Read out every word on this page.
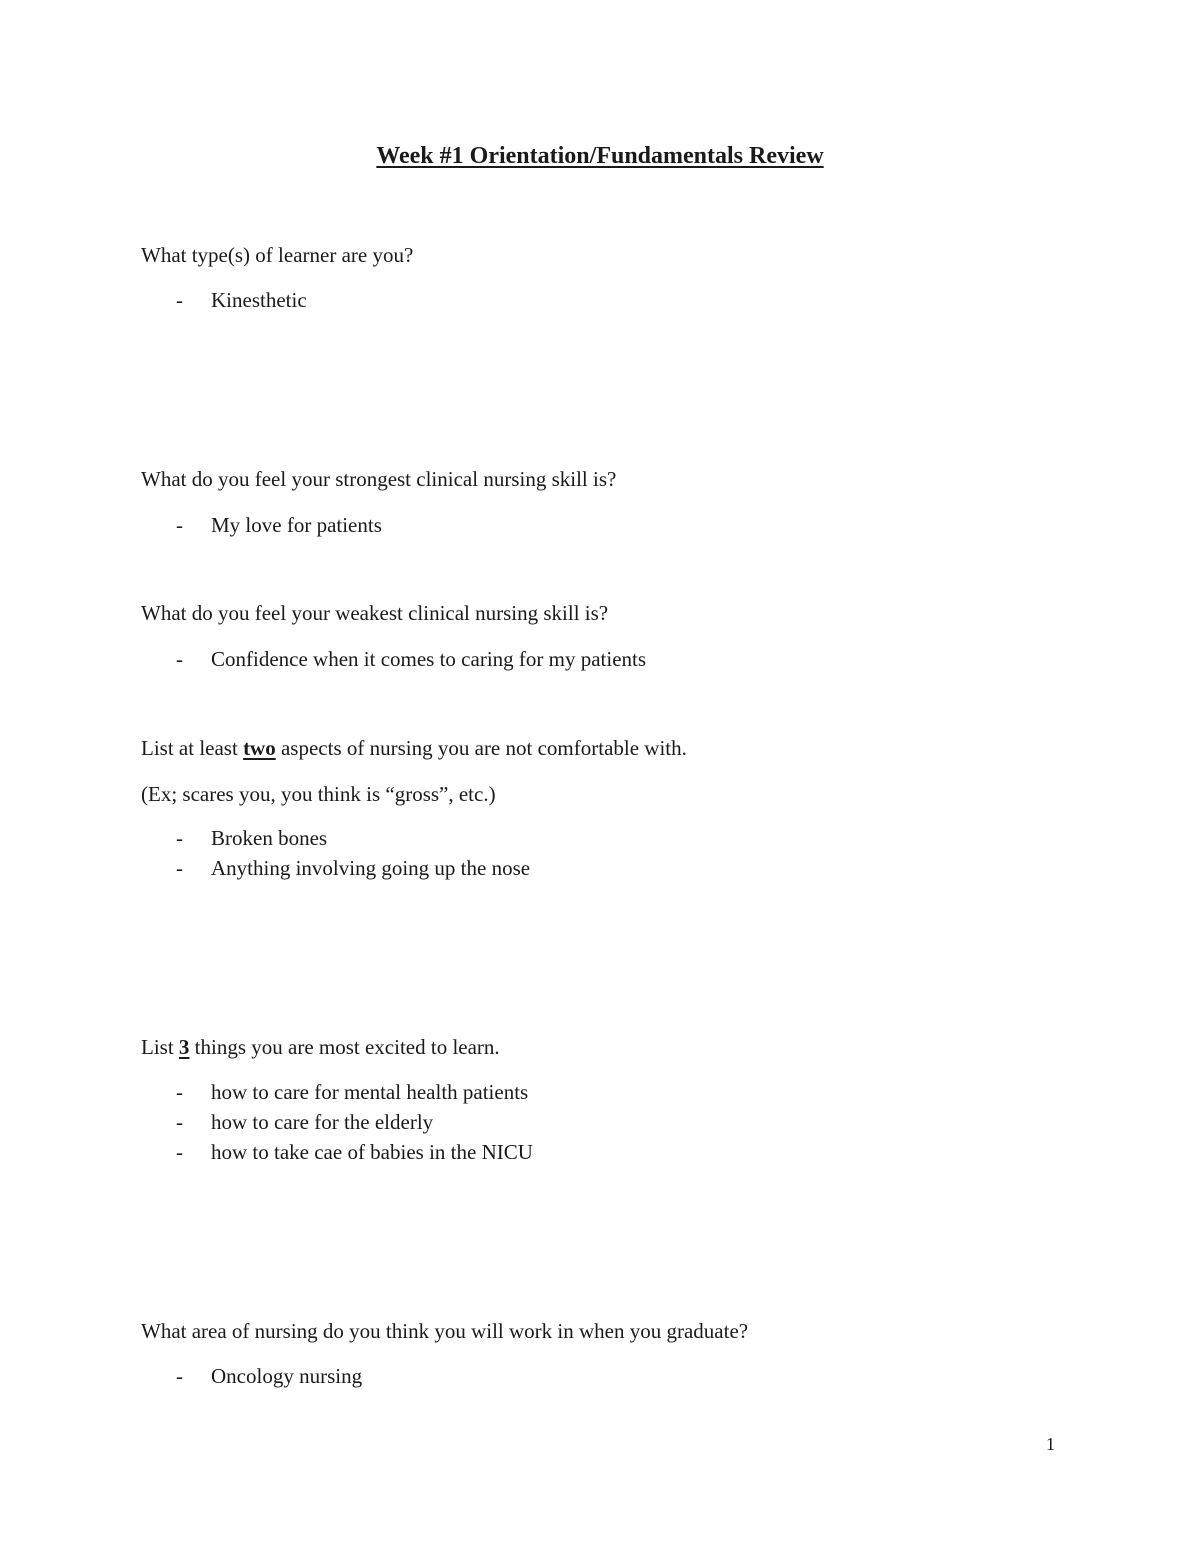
Week #1 Orientation/Fundamentals Review

What type(s) of learner are you?

- Kinesthetic

What do you feel your strongest clinical nursing skill is?

- My love for patients

What do you feel your weakest clinical nursing skill is?

- Confidence when it comes to caring for my patients

List at least two aspects of nursing you are not comfortable with.

(Ex; scares you, you think is “gross”, etc.)

- Broken bones
- Anything involving going up the nose

List 3 things you are most excited to learn.

- how to care for mental health patients
- how to care for the elderly
- how to take cae of babies in the NICU

What area of nursing do you think you will work in when you graduate?

- Oncology nursing

1
